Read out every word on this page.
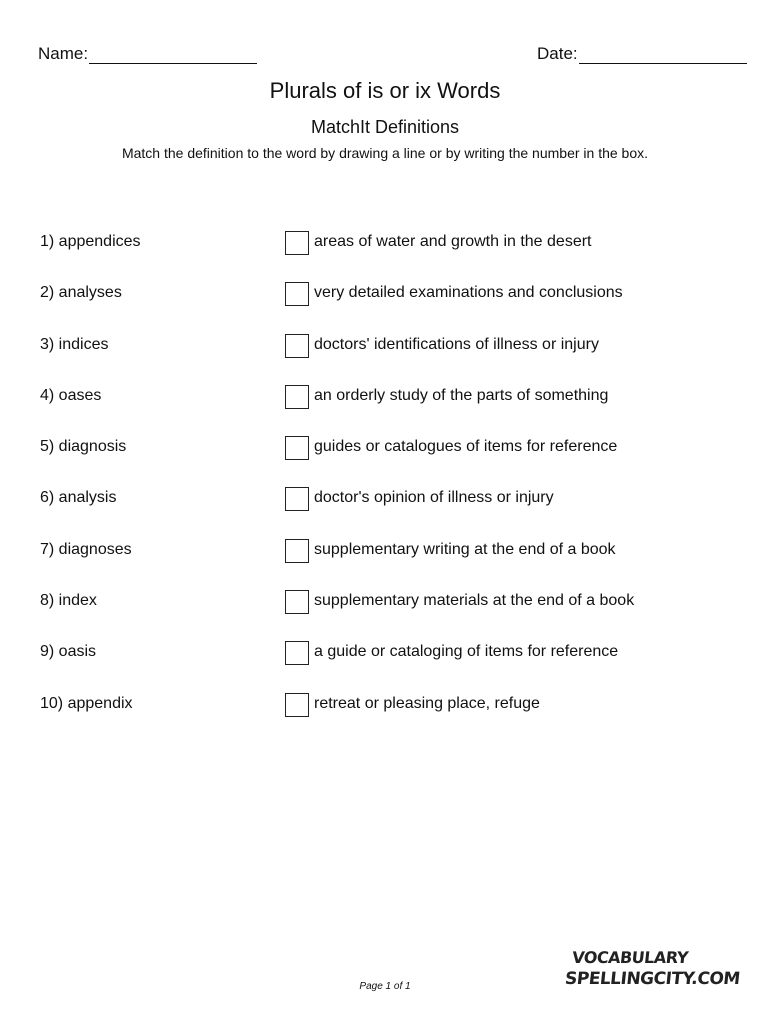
Name:	Date:
Plurals of is or ix Words
MatchIt Definitions
Match the definition to the word by drawing a line or by writing the number in the box.
1) appendices	areas of water and growth in the desert
2) analyses	very detailed examinations and conclusions
3) indices	doctors' identifications of illness or injury
4) oases	an orderly study of the parts of something
5) diagnosis	guides or catalogues of items for reference
6) analysis	doctor's opinion of illness or injury
7) diagnoses	supplementary writing at the end of a book
8) index	supplementary materials at the end of a book
9) oasis	a guide or cataloging of items for reference
10) appendix	retreat or pleasing place, refuge
Page 1 of 1
VOCABULARY
SPELLINGCITY.COM
